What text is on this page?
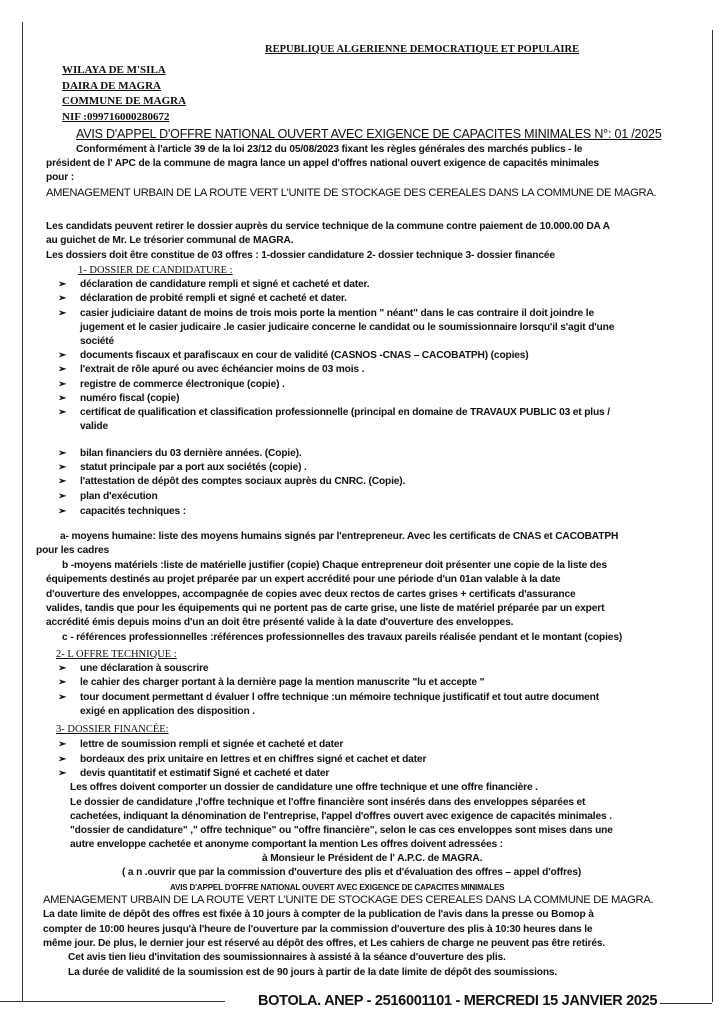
REPUBLIQUE ALGERIENNE DEMOCRATIQUE ET POPULAIRE
WILAYA DE M'SILA
DAIRA DE MAGRA
COMMUNE DE MAGRA
NIF :099716000280672
AVIS D'APPEL D'OFFRE NATIONAL OUVERT AVEC EXIGENCE DE CAPACITES MINIMALES N°: 01 /2025
Conformément à l'article 39 de la loi 23/12 du 05/08/2023 fixant les règles générales des marchés publics - le
président de l' APC de la commune de magra lance un appel d'offres national ouvert exigence de capacités minimales
pour :
AMENAGEMENT URBAIN DE LA ROUTE VERT L'UNITE DE STOCKAGE DES CEREALES DANS LA COMMUNE DE MAGRA.
Les candidats peuvent retirer le dossier auprès du service technique de la commune contre paiement de 10.000.00 DA A
au guichet de Mr. Le trésorier communal de MAGRA.
Les dossiers doit être constitue de 03 offres : 1-dossier candidature 2- dossier technique 3- dossier financée
1- DOSSIER DE CANDIDATURE :
➢ déclaration de candidature rempli et signé et cacheté et dater.
➢ déclaration de probité rempli et signé et cacheté et dater.
➢ casier judiciaire datant de moins de trois mois porte la mention " néant" dans le cas contraire il doit joindre le
jugement et le casier judicaire .le casier judicaire concerne le candidat ou le soumissionnaire lorsqu'il s'agit d'une
société
➢ documents fiscaux et parafiscaux en cour de validité (CASNOS -CNAS – CACOBATPH) (copies)
➢ l'extrait de rôle apuré ou avec échéancier moins de 03 mois .
➢ registre de commerce électronique (copie) .
➢ numéro fiscal (copie)
➢ certificat de qualification et classification professionnelle (principal en domaine de TRAVAUX PUBLIC 03 et plus /
valide
➢ bilan financiers du 03 dernière années. (Copie).
➢ statut principale par a port aux sociétés (copie) .
➢ l'attestation de dépôt des comptes sociaux auprès du CNRC. (Copie).
➢ plan d'exécution
➢ capacités techniques :
a- moyens humaine: liste des moyens humains signés par l'entrepreneur. Avec les certificats de CNAS et CACOBATPH
pour les cadres
b -moyens matériels :liste de matérielle justifier (copie) Chaque entrepreneur doit présenter une copie de la liste des
équipements destinés au projet préparée par un expert accrédité pour une période d'un 01an valable à la date
d'ouverture des enveloppes, accompagnée de copies avec deux rectos de cartes grises + certificats d'assurance
valides, tandis que pour les équipements qui ne portent pas de carte grise, une liste de matériel préparée par un expert
accrédité émis depuis moins d'un an doit être présenté valide à la date d'ouverture des enveloppes.
c - références professionnelles :références professionnelles des travaux pareils réalisée pendant et le montant (copies)
2- L OFFRE TECHNIQUE :
➢ une déclaration à souscrire
➢ le cahier des charger portant à la dernière page la mention manuscrite "lu et accepte "
➢ tour document permettant d évaluer l offre technique :un mémoire technique justificatif et tout autre document
exigé en application des disposition .
3- DOSSIER FINANCÉE:
➢ lettre de soumission rempli et signée et cacheté et dater
➢ bordeaux des prix unitaire en lettres et en chiffres signé et cachet et dater
➢ devis quantitatif et estimatif Signé et cacheté et dater
Les offres doivent comporter un dossier de candidature une offre technique et une offre financière .
Le dossier de candidature ,l'offre technique et l'offre financière sont insérés dans des enveloppes séparées et
cachetées, indiquant la dénomination de l'entreprise, l'appel d'offres ouvert avec exigence de capacités minimales .
"dossier de candidature" ," offre technique" ou "offre financière", selon le cas ces enveloppes sont mises dans une
autre enveloppe cachetée et anonyme comportant la mention Les offres doivent adressées :
à Monsieur le Président de l' A.P.C. de MAGRA.
( a n .ouvrir que par la commission d'ouverture des plis et d'évaluation des offres – appel d'offres)
AVIS D'APPEL D'OFFRE NATIONAL OUVERT AVEC EXIGENCE DE CAPACITES MINIMALES
AMENAGEMENT URBAIN DE LA ROUTE VERT L'UNITE DE STOCKAGE DES CEREALES DANS LA COMMUNE DE MAGRA.
La date limite de dépôt des offres est fixée à 10 jours à compter de la publication de l'avis dans la presse ou Bomop à
compter de 10:00 heures jusqu'à l'heure de l'ouverture par la commission d'ouverture des plis à 10:30 heures dans le
même jour. De plus, le dernier jour est réservé au dépôt des offres, et Les cahiers de charge ne peuvent pas être retirés.
Cet avis tien lieu d'invitation des soumissionnaires à assisté à la séance d'ouverture des plis.
La durée de validité de la soumission est de 90 jours à partir de la date limite de dépôt des soumissions.
BOTOLA. ANEP - 2516001101 - MERCREDI 15 JANVIER 2025
